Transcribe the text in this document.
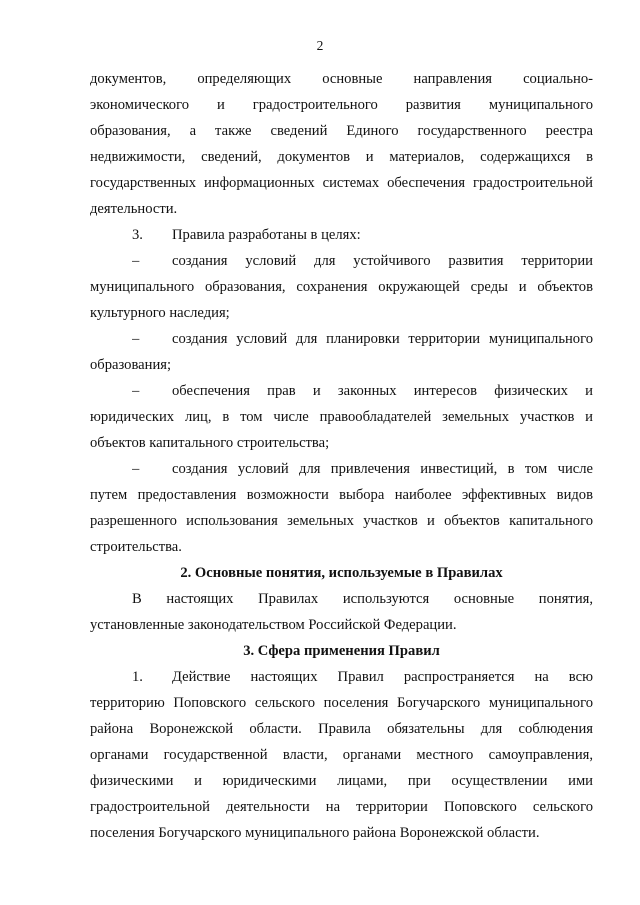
2
документов, определяющих основные направления социально-
экономического и градостроительного развития муниципального
образования, а также сведений Единого государственного реестра
недвижимости, сведений, документов и материалов, содержащихся в
государственных информационных системах обеспечения градостроительной
деятельности.
3.	Правила разработаны в целях:
–	создания условий для устойчивого развития территории
муниципального образования, сохранения окружающей среды и объектов
культурного наследия;
–	создания условий для планировки территории муниципального
образования;
–	обеспечения прав и законных интересов физических и
юридических лиц, в том числе правообладателей земельных участков и
объектов капитального строительства;
–	создания условий для привлечения инвестиций, в том числе
путем предоставления возможности выбора наиболее эффективных видов
разрешенного использования земельных участков и объектов капитального
строительства.
2. Основные понятия, используемые в Правилах
В настоящих Правилах используются основные понятия,
установленные законодательством Российской Федерации.
3. Сфера применения Правил
1.	Действие настоящих Правил распространяется на всю
территорию Поповского сельского поселения Богучарского муниципального
района Воронежской области. Правила обязательны для соблюдения
органами государственной власти, органами местного самоуправления,
физическими и юридическими лицами, при осуществлении ими
градостроительной деятельности на территории Поповского сельского
поселения Богучарского муниципального района Воронежской области.
